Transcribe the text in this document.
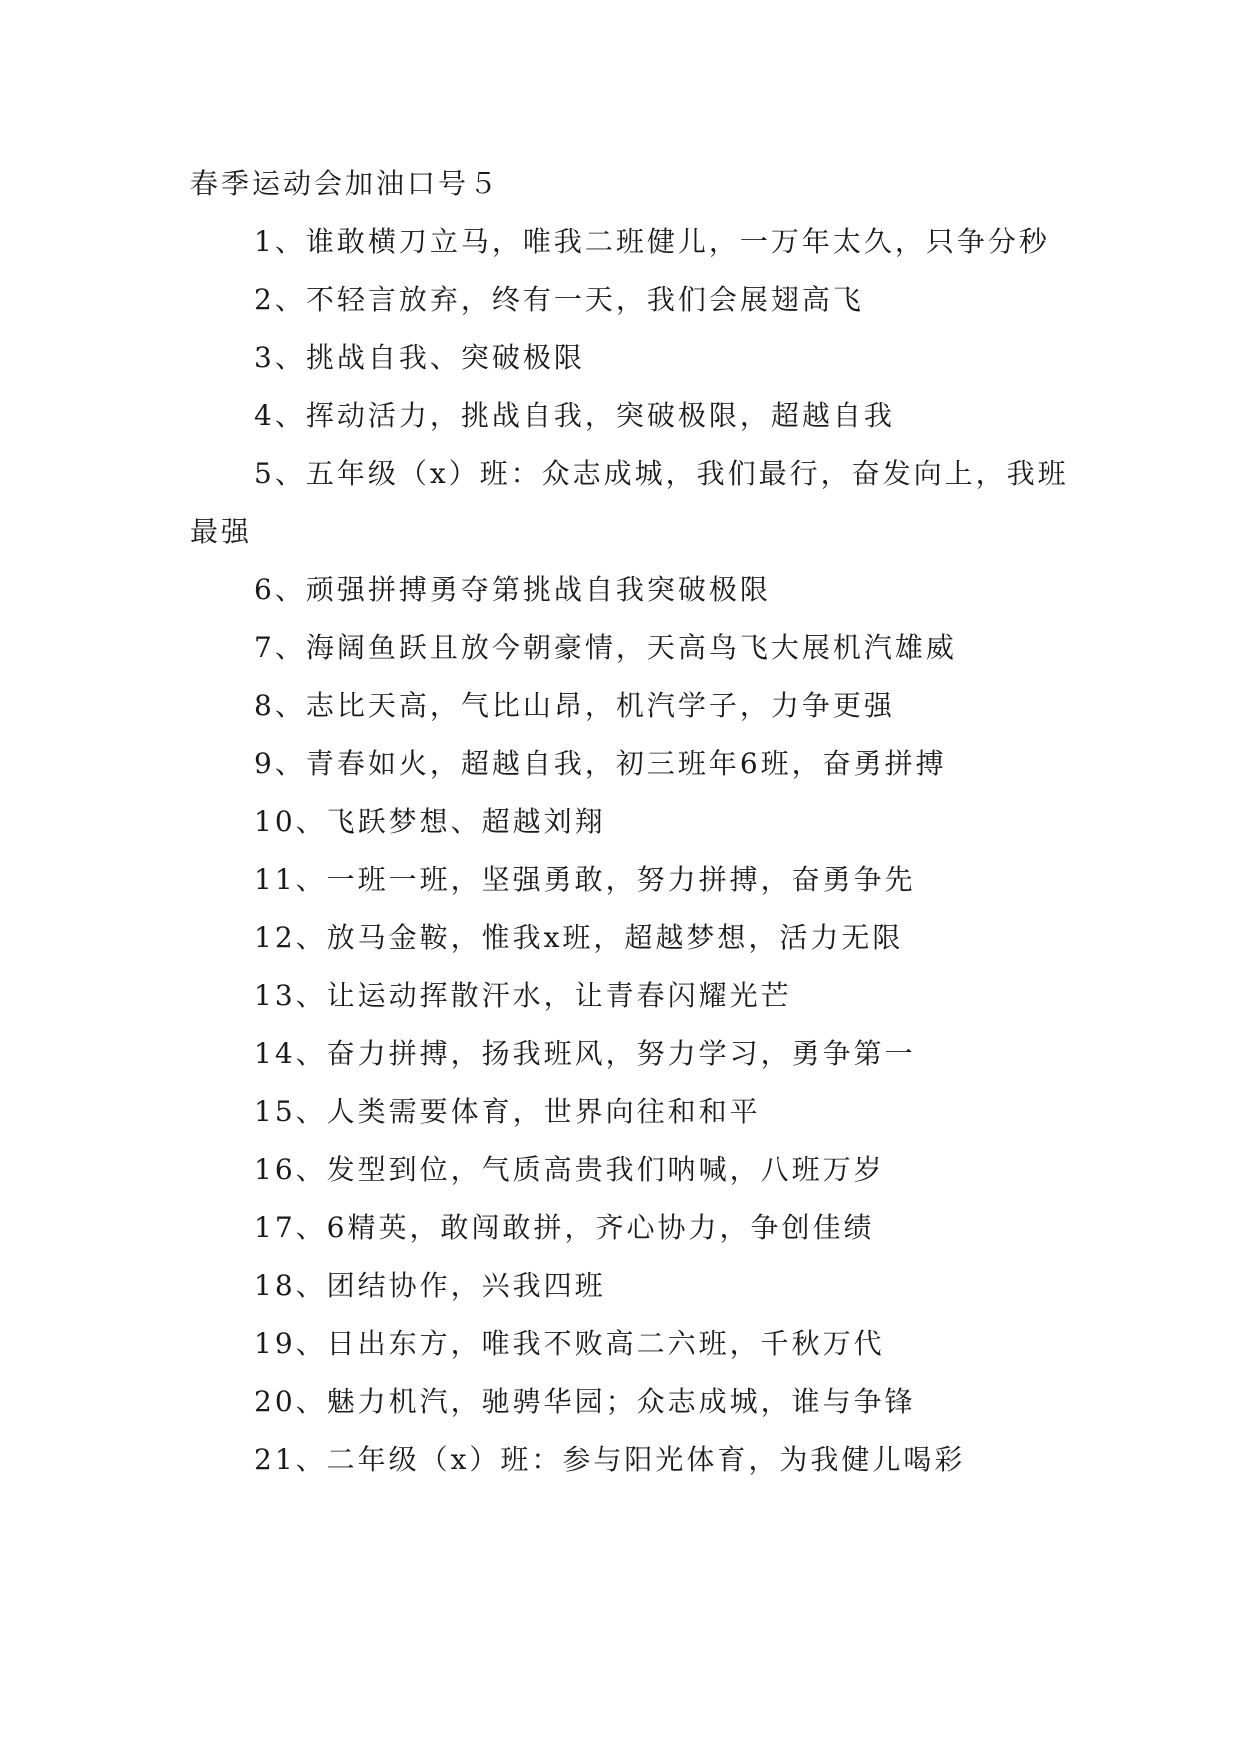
春季运动会加油口号５

1、谁敢横刀立马，唯我二班健儿，一万年太久，只争分秒

2、不轻言放弃，终有一天，我们会展翅高飞

3、挑战自我、突破极限

4、挥动活力，挑战自我，突破极限，超越自我

5、五年级（x）班：众志成城，我们最行，奋发向上，我班最强

6、顽强拼搏勇夺第挑战自我突破极限

7、海阔鱼跃且放今朝豪情，天高鸟飞大展机汽雄威

8、志比天高，气比山昂，机汽学子，力争更强

9、青春如火，超越自我，初三班年6班，奋勇拼搏

10、飞跃梦想、超越刘翔

11、一班一班，坚强勇敢，努力拼搏，奋勇争先

12、放马金鞍，惟我x班，超越梦想，活力无限

13、让运动挥散汗水，让青春闪耀光芒

14、奋力拼搏，扬我班风，努力学习，勇争第一

15、人类需要体育，世界向往和和平

16、发型到位，气质高贵我们呐喊，八班万岁

17、6精英，敢闯敢拼，齐心协力，争创佳绩

18、团结协作，兴我四班

19、日出东方，唯我不败高二六班，千秋万代

20、魅力机汽，驰骋华园；众志成城，谁与争锋

21、二年级（x）班：参与阳光体育，为我健儿喝彩
